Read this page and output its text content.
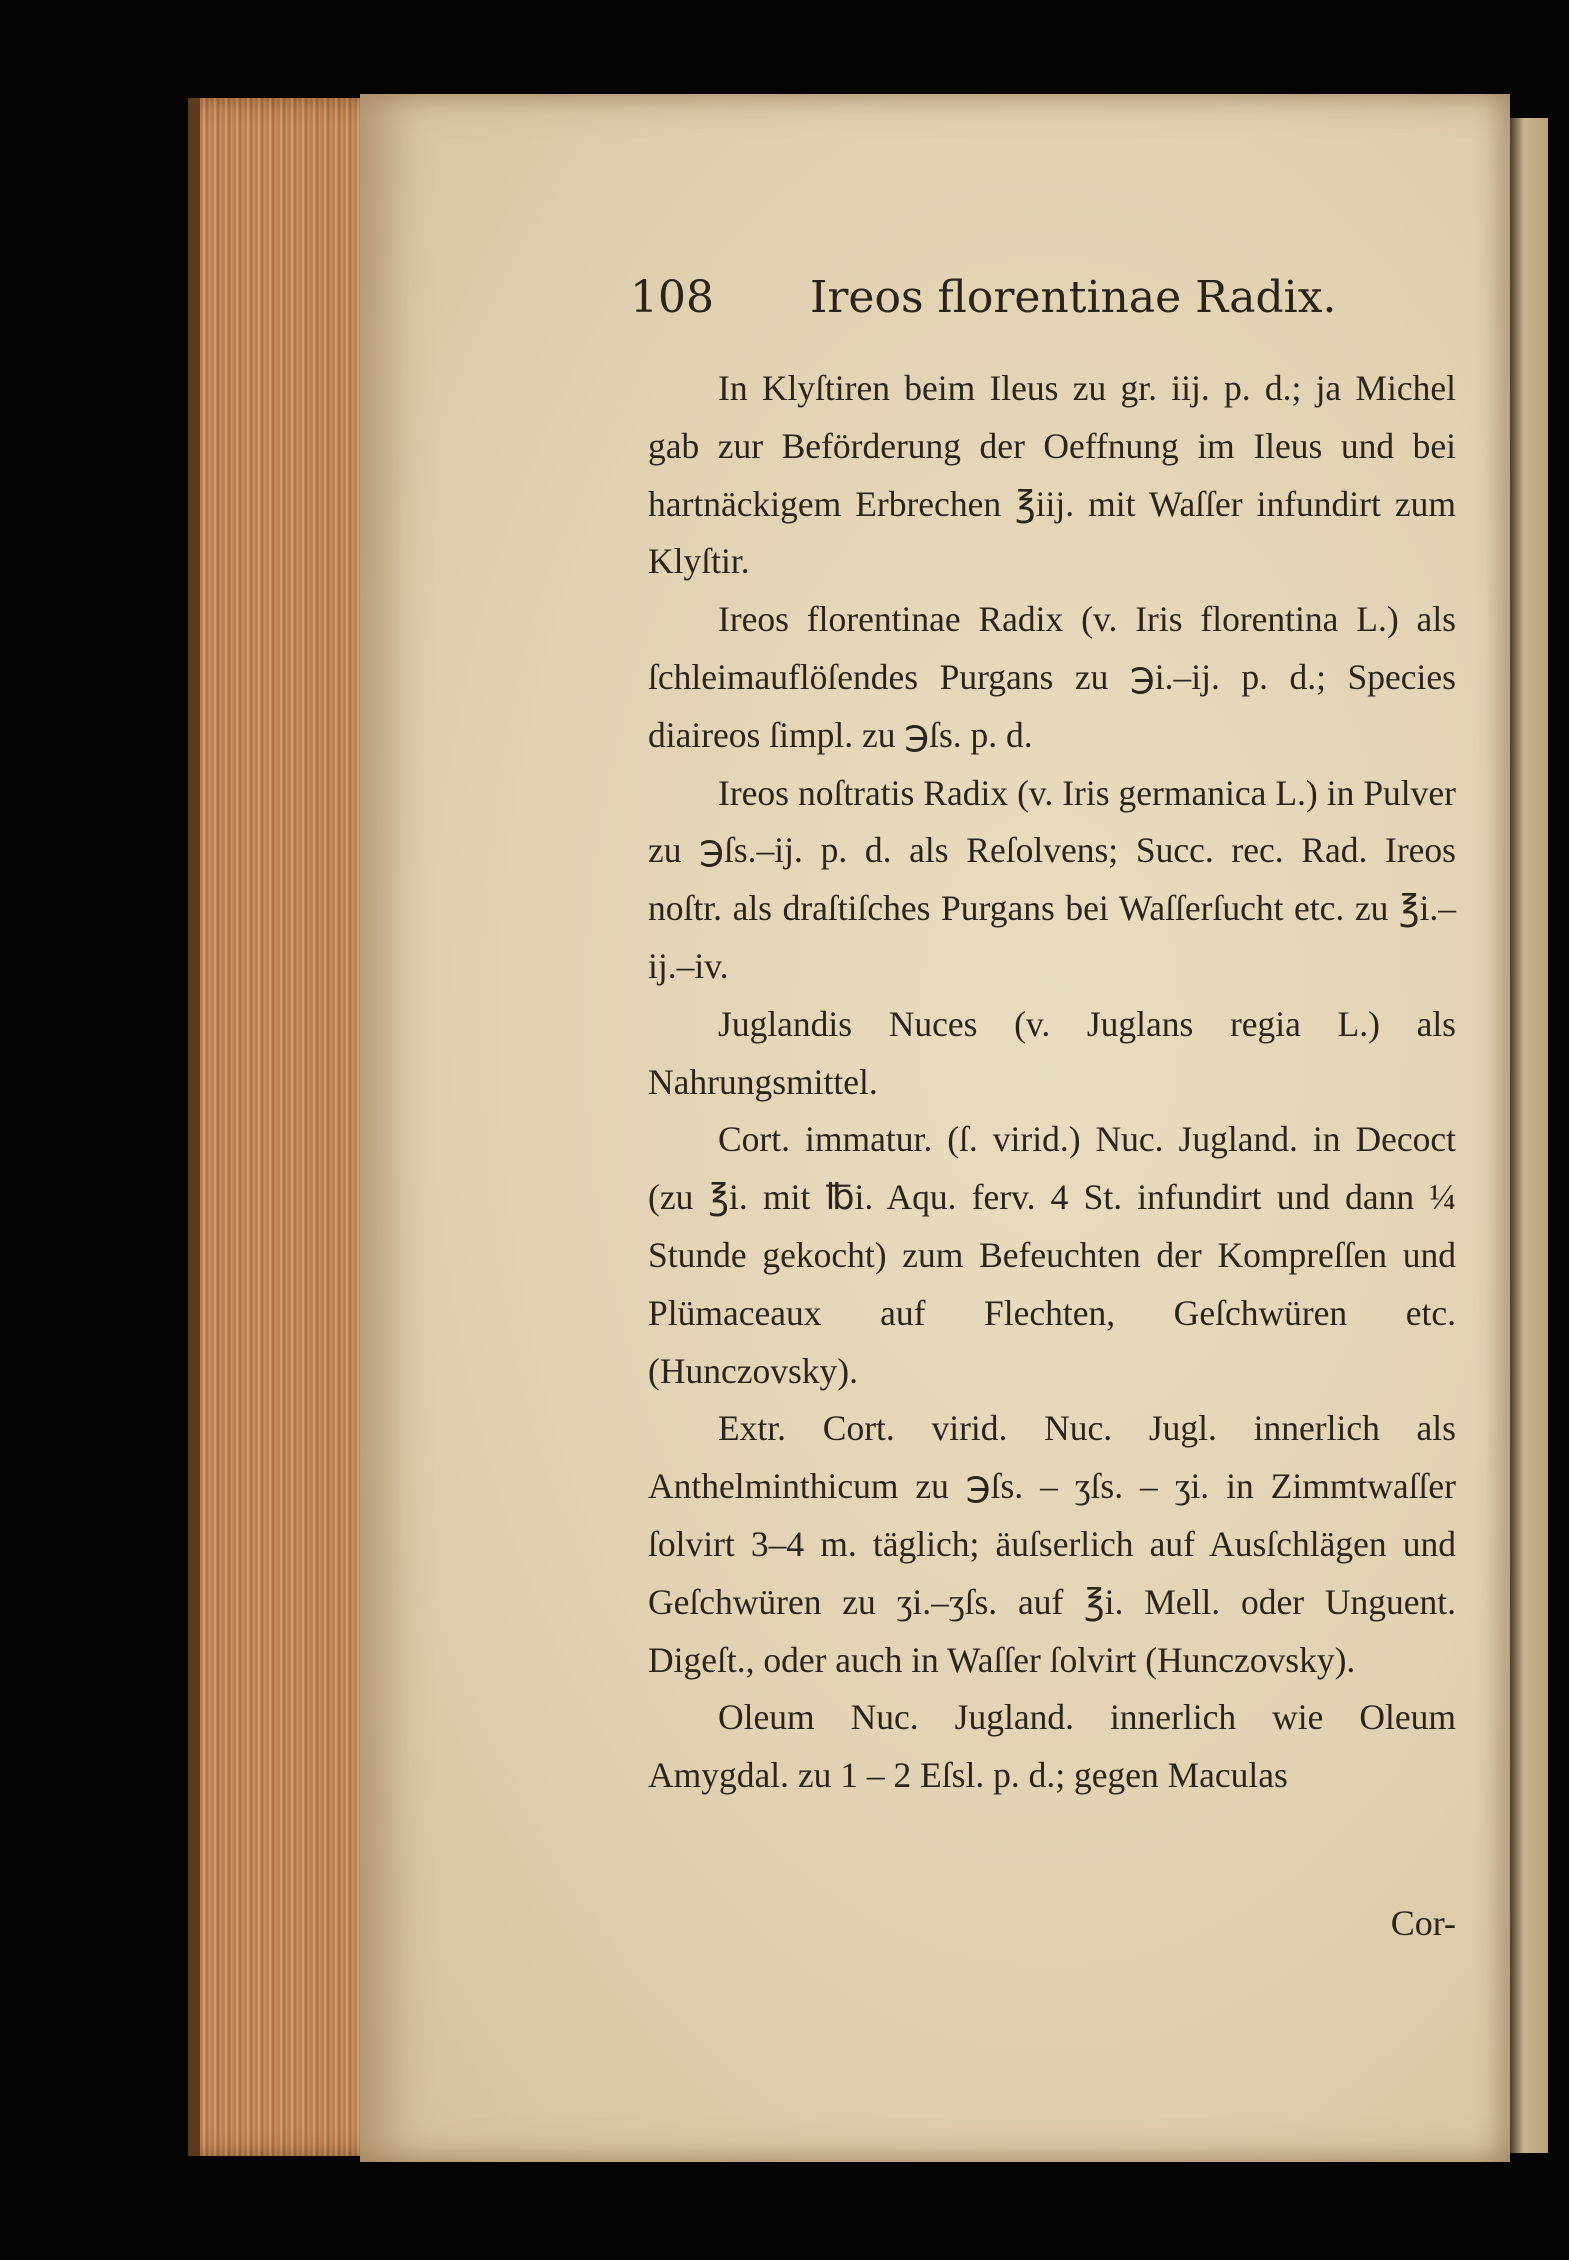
108 Ireos florentinae Radix.

In Klyſtiren beim Ileus zu gr. iij. p. d.; ja Michel gab zur Beförderung der Oeffnung im Ileus und bei hartnäckigem Erbrechen ℥iij. mit Waſſer infundirt zum Klyſtir.

Ireos florentinae Radix (v. Iris florentina L.) als ſchleimauflöſendes Purgans zu ℈i.–ij. p. d.; Species diaireos ſimpl. zu ℈ſs. p. d.

Ireos noſtratis Radix (v. Iris germanica L.) in Pulver zu ℈ſs.–ij. p. d. als Reſolvens; Succ. rec. Rad. Ireos noſtr. als draſtiſches Purgans bei Waſſerſucht etc. zu ℥i.–ij.–iv.

Juglandis Nuces (v. Juglans regia L.) als Nahrungsmittel.

Cort. immatur. (ſ. virid.) Nuc. Jugland. in Decoct (zu ℥i. mit ℔i. Aqu. ferv. 4 St. infundirt und dann ¼ Stunde gekocht) zum Befeuchten der Kompreſſen und Plümaceaux auf Flechten, Geſchwüren etc. (Hunczovsky).

Extr. Cort. virid. Nuc. Jugl. innerlich als Anthelminthicum zu ℈ſs. – ʒſs. – ʒi. in Zimmtwaſſer ſolvirt 3–4 m. täglich; äuſserlich auf Ausſchlägen und Geſchwüren zu ʒi.–ʒſs. auf ℥i. Mell. oder Unguent. Digeſt., oder auch in Waſſer ſolvirt (Hunczovsky).

Oleum Nuc. Jugland. innerlich wie Oleum Amygdal. zu 1 – 2 Eſsl. p. d.; gegen Maculas

Cor-
